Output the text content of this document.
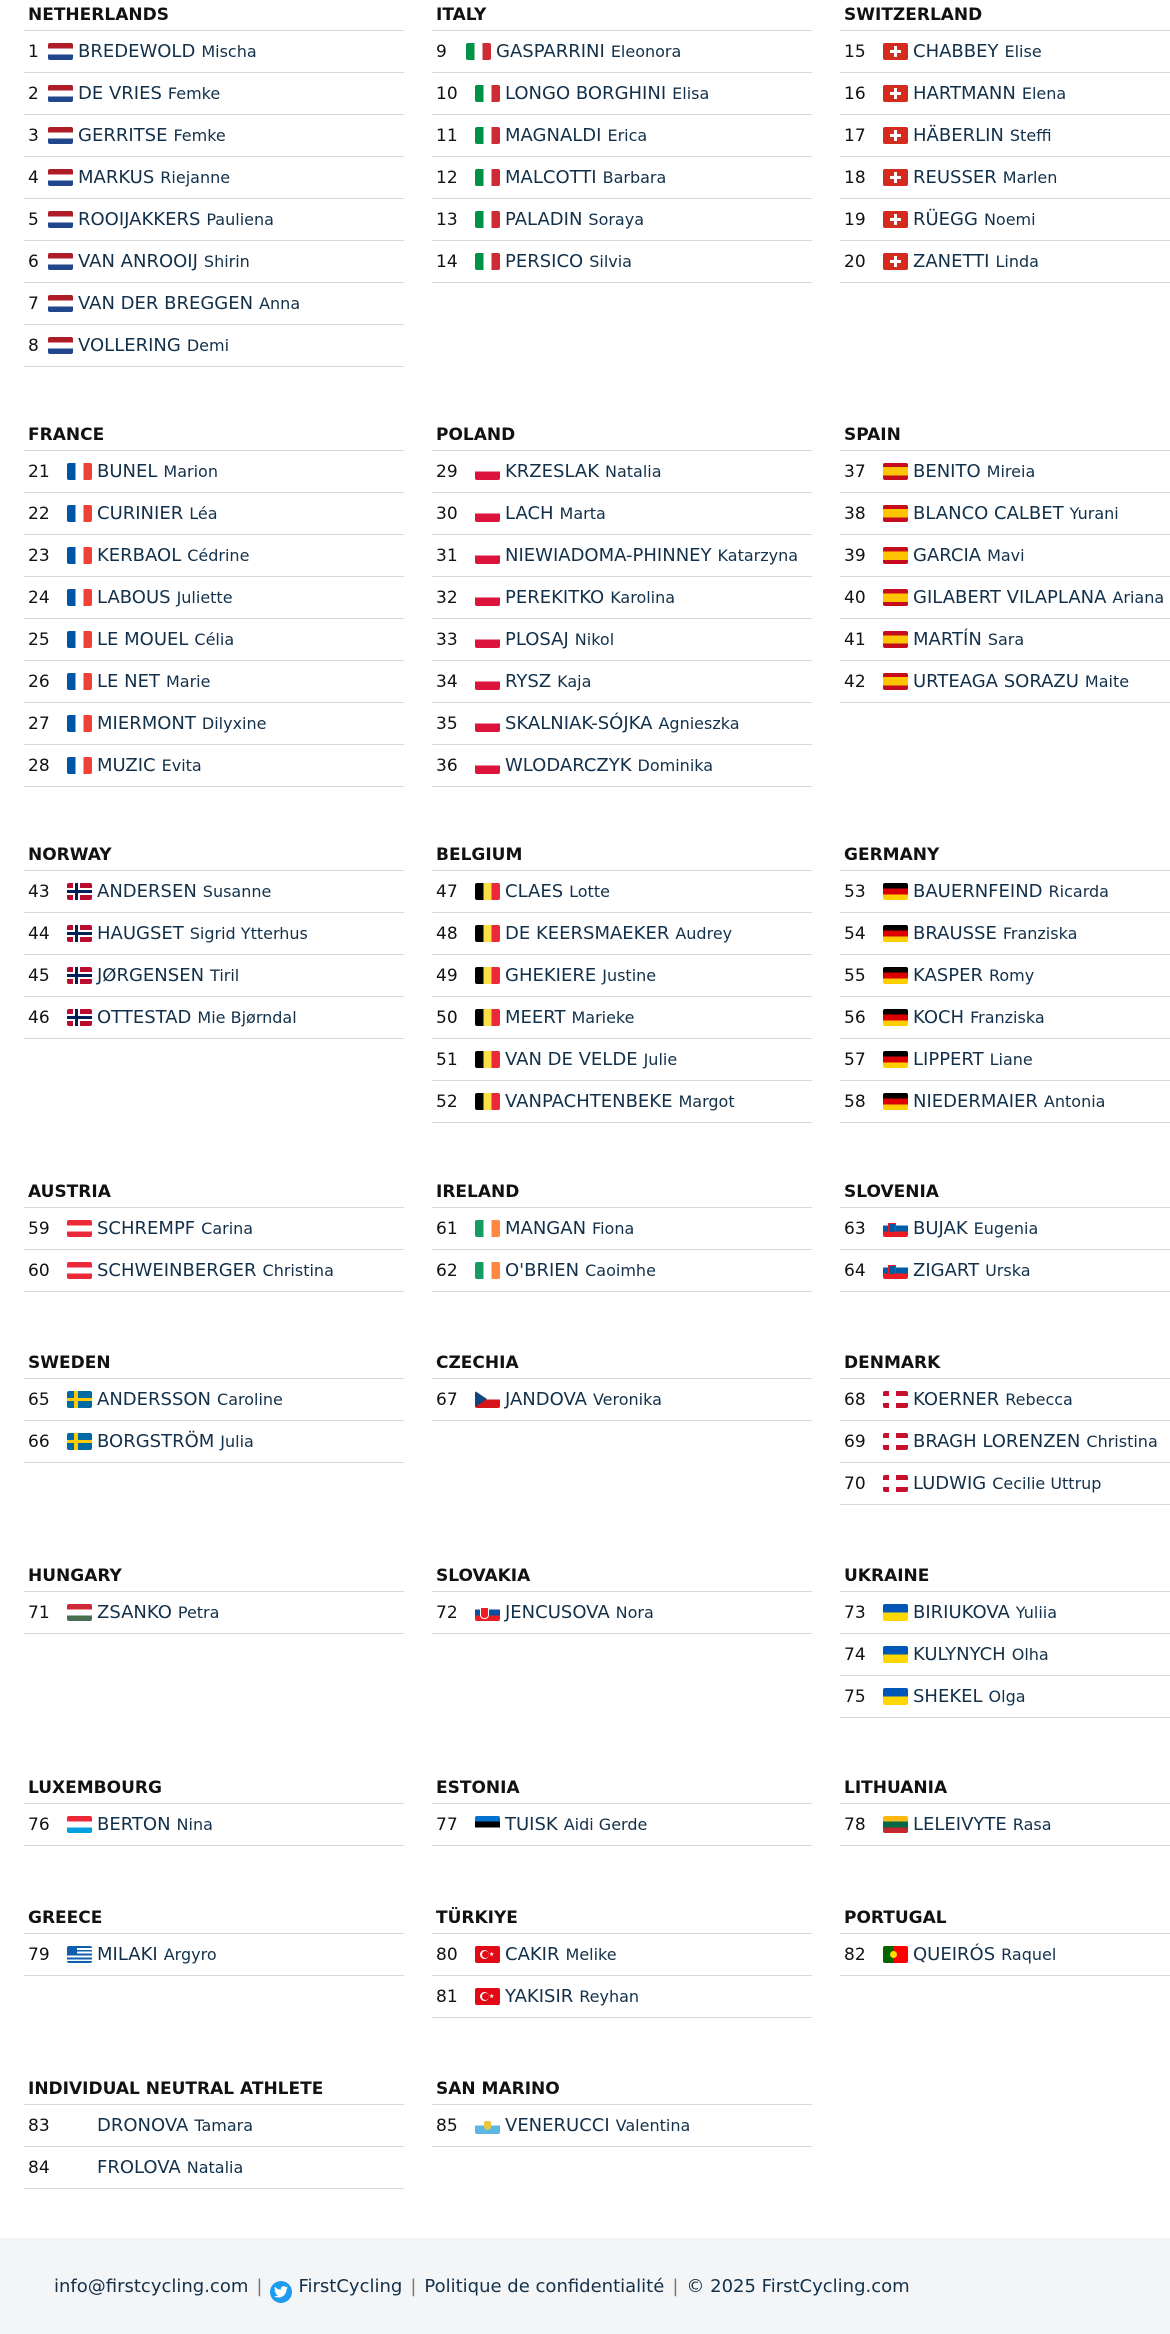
NETHERLANDS
1	BREDEWOLD Mischa
2	DE VRIES Femke
3	GERRITSE Femke
4	MARKUS Riejanne
5	ROOIJAKKERS Pauliena
6	VAN ANROOIJ Shirin
7	VAN DER BREGGEN Anna
8	VOLLERING Demi
ITALY
9	GASPARRINI Eleonora
10	LONGO BORGHINI Elisa
11	MAGNALDI Erica
12	MALCOTTI Barbara
13	PALADIN Soraya
14	PERSICO Silvia
SWITZERLAND
15	CHABBEY Elise
16	HARTMANN Elena
17	HÄBERLIN Steffi
18	REUSSER Marlen
19	RÜEGG Noemi
20	ZANETTI Linda
FRANCE
21	BUNEL Marion
22	CURINIER Léa
23	KERBAOL Cédrine
24	LABOUS Juliette
25	LE MOUEL Célia
26	LE NET Marie
27	MIERMONT Dilyxine
28	MUZIC Evita
POLAND
29	KRZESLAK Natalia
30	LACH Marta
31	NIEWIADOMA-PHINNEY Katarzyna
32	PEREKITKO Karolina
33	PLOSAJ Nikol
34	RYSZ Kaja
35	SKALNIAK-SÓJKA Agnieszka
36	WLODARCZYK Dominika
SPAIN
37	BENITO Mireia
38	BLANCO CALBET Yurani
39	GARCIA Mavi
40	GILABERT VILAPLANA Ariana
41	MARTÍN Sara
42	URTEAGA SORAZU Maite
NORWAY
43	ANDERSEN Susanne
44	HAUGSET Sigrid Ytterhus
45	JØRGENSEN Tiril
46	OTTESTAD Mie Bjørndal
BELGIUM
47	CLAES Lotte
48	DE KEERSMAEKER Audrey
49	GHEKIERE Justine
50	MEERT Marieke
51	VAN DE VELDE Julie
52	VANPACHTENBEKE Margot
GERMANY
53	BAUERNFEIND Ricarda
54	BRAUSSE Franziska
55	KASPER Romy
56	KOCH Franziska
57	LIPPERT Liane
58	NIEDERMAIER Antonia
AUSTRIA
59	SCHREMPF Carina
60	SCHWEINBERGER Christina
IRELAND
61	MANGAN Fiona
62	O'BRIEN Caoimhe
SLOVENIA
63	BUJAK Eugenia
64	ZIGART Urska
SWEDEN
65	ANDERSSON Caroline
66	BORGSTRÖM Julia
CZECHIA
67	JANDOVA Veronika
DENMARK
68	KOERNER Rebecca
69	BRAGH LORENZEN Christina
70	LUDWIG Cecilie Uttrup
HUNGARY
71	ZSANKO Petra
SLOVAKIA
72	JENCUSOVA Nora
UKRAINE
73	BIRIUKOVA Yuliia
74	KULYNYCH Olha
75	SHEKEL Olga
LUXEMBOURG
76	BERTON Nina
ESTONIA
77	TUISK Aidi Gerde
LITHUANIA
78	LELEIVYTE Rasa
GREECE
79	MILAKI Argyro
TÜRKIYE
80	★ CAKIR Melike
81	★ YAKISIR Reyhan
PORTUGAL
82	QUEIRÓS Raquel
INDIVIDUAL NEUTRAL ATHLETE
83	DRONOVA Tamara
84	FROLOVA Natalia
SAN MARINO
85	VENERUCCI Valentina
info@firstcycling.com | FirstCycling | Politique de confidentialité | © 2025 FirstCycling.com
